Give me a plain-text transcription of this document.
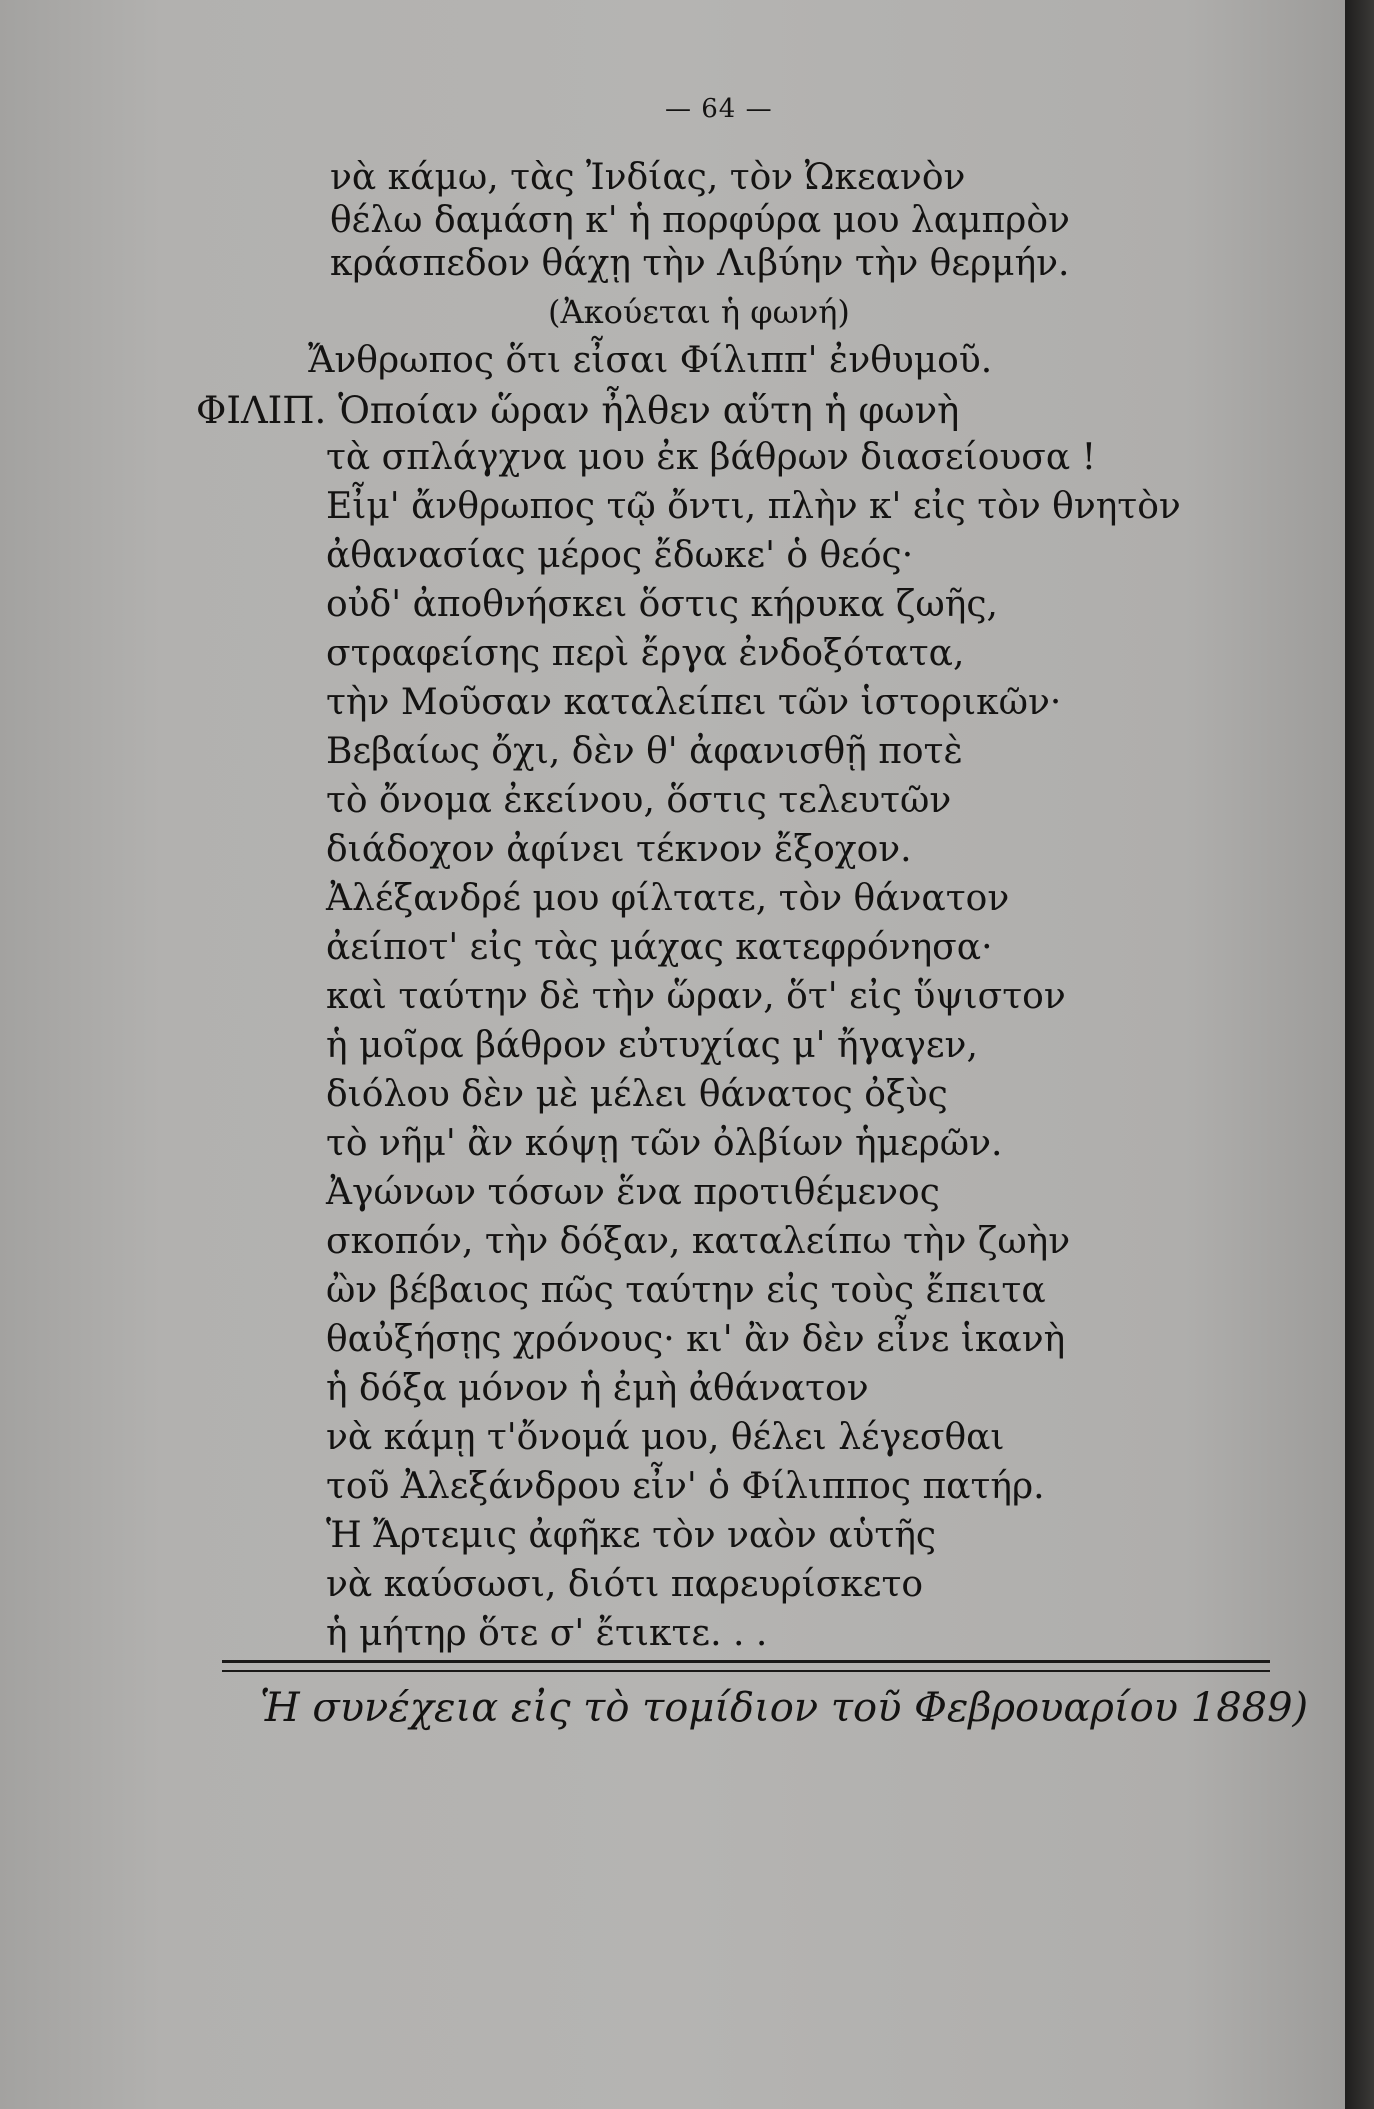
— 64 —
νὰ κάμω, τὰς Ἰνδίας, τὸν Ὠκεανὸν
θέλω δαμάση κ' ἡ πορφύρα μου λαμπρὸν
κράσπεδον θάχῃ τὴν Λιβύην τὴν θερμήν.
(Ἀκούεται ἡ φωνή)
Ἄνθρωπος ὅτι εἶσαι Φίλιππ' ἐνθυμοῦ.
ΦΙΛΙΠ. Ὁποίαν ὥραν ἦλθεν αὕτη ἡ φωνὴ
τὰ σπλάγχνα μου ἐκ βάθρων διασείουσα !
Εἶμ' ἄνθρωπος τῷ ὄντι, πλὴν κ' εἰς τὸν θνητὸν
ἀθανασίας μέρος ἔδωκε' ὁ θεός·
οὐδ' ἀποθνήσκει ὅστις κήρυκα ζωῆς,
στραφείσης περὶ ἔργα ἐνδοξότατα,
τὴν Μοῦσαν καταλείπει τῶν ἱστορικῶν·
Βεβαίως ὄχι, δὲν θ' ἀφανισθῇ ποτὲ
τὸ ὄνομα ἐκείνου, ὅστις τελευτῶν
διάδοχον ἀφίνει τέκνον ἔξοχον.
Ἀλέξανδρέ μου φίλτατε, τὸν θάνατον
ἀείποτ' εἰς τὰς μάχας κατεφρόνησα·
καὶ ταύτην δὲ τὴν ὥραν, ὅτ' εἰς ὕψιστον
ἡ μοῖρα βάθρον εὐτυχίας μ' ἤγαγεν,
διόλου δὲν μὲ μέλει θάνατος ὀξὺς
τὸ νῆμ' ἂν κόψῃ τῶν ὀλβίων ἡμερῶν.
Ἀγώνων τόσων ἕνα προτιθέμενος
σκοπόν, τὴν δόξαν, καταλείπω τὴν ζωὴν
ὢν βέβαιος πῶς ταύτην εἰς τοὺς ἔπειτα
θαὐξήσῃς χρόνους· κι' ἂν δὲν εἶνε ἱκανὴ
ἡ δόξα μόνον ἡ ἐμὴ ἀθάνατον
νὰ κάμῃ τ'ὄνομά μου, θέλει λέγεσθαι
τοῦ Ἀλεξάνδρου εἶν' ὁ Φίλιππος πατήρ.
Ἡ Ἄρτεμις ἀφῆκε τὸν ναὸν αὑτῆς
νὰ καύσωσι, διότι παρευρίσκετο
ἡ μήτηρ ὅτε σ' ἔτικτε. . .
Ἡ συνέχεια εἰς τὸ τομίδιον τοῦ Φεβρουαρίου 1889)
